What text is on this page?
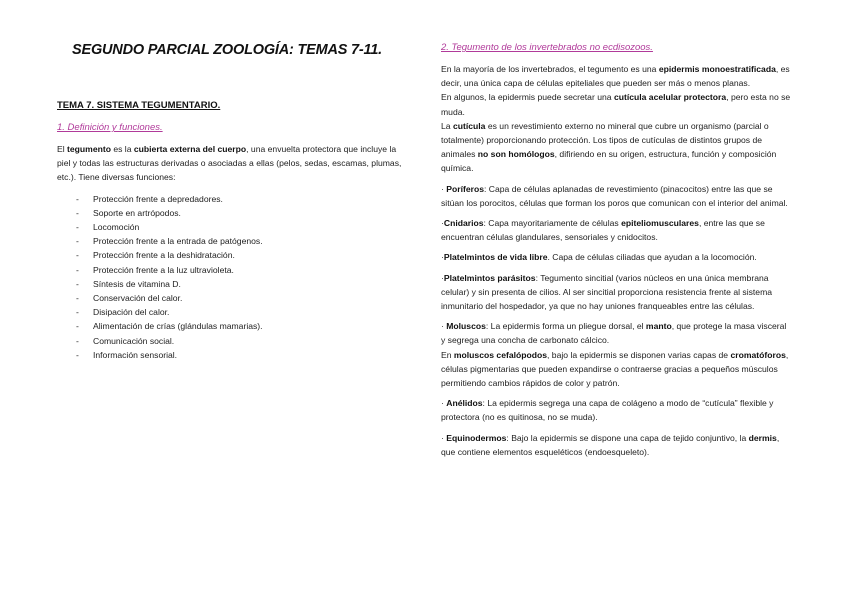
SEGUNDO PARCIAL ZOOLOGÍA: TEMAS 7-11.
TEMA 7. SISTEMA TEGUMENTARIO.
1. Definición y funciones.

El tegumento es la cubierta externa del cuerpo, una envuelta protectora que incluye la piel y todas las estructuras derivadas o asociadas a ellas (pelos, sedas, escamas, plumas, etc.). Tiene diversas funciones:

- Protección frente a depredadores.
- Soporte en artrópodos.
- Locomoción
- Protección frente a la entrada de patógenos.
- Protección frente a la deshidratación.
- Protección frente a la luz ultravioleta.
- Síntesis de vitamina D.
- Conservación del calor.
- Disipación del calor.
- Alimentación de crías (glándulas mamarias).
- Comunicación social.
- Información sensorial.
2. Tegumento de los invertebrados no ecdisozoos.

En la mayoría de los invertebrados, el tegumento es una epidermis monoestratificada, es decir, una única capa de células epiteliales que pueden ser más o menos planas.

En algunos, la epidermis puede secretar una cutícula acelular protectora, pero esta no se muda.

La cutícula es un revestimiento externo no mineral que cubre un organismo (parcial o totalmente) proporcionando protección. Los tipos de cutículas de distintos grupos de animales no son homólogos, difiriendo en su origen, estructura, función y composición química.

· Poríferos: Capa de células aplanadas de revestimiento (pinacocitos) entre las que se sitúan los porocitos, células que forman los poros que comunican con el interior del animal.

·Cnidarios: Capa mayoritariamente de células epiteliomusculares, entre las que se encuentran células glandulares, sensoriales y cnidocitos.

·Platelmintos de vida libre. Capa de células ciliadas que ayudan a la locomoción.

·Platelmintos parásitos: Tegumento sincitial (varios núcleos en una única membrana celular) y sin presenta de cilios. Al ser sincitial proporciona resistencia frente al sistema inmunitario del hospedador, ya que no hay uniones franqueables entre las células.

· Moluscos: La epidermis forma un pliegue dorsal, el manto, que protege la masa visceral y segrega una concha de carbonato cálcico.

En moluscos cefalópodos, bajo la epidermis se disponen varias capas de cromatóforos, células pigmentarias que pueden expandirse o contraerse gracias a pequeños músculos permitiendo cambios rápidos de color y patrón.

· Anélidos: La epidermis segrega una capa de colágeno a modo de “cutícula” flexible y protectora (no es quitinosa, no se muda).

· Equinodermos: Bajo la epidermis se dispone una capa de tejido conjuntivo, la dermis, que contiene elementos esqueléticos (endoesqueleto).
